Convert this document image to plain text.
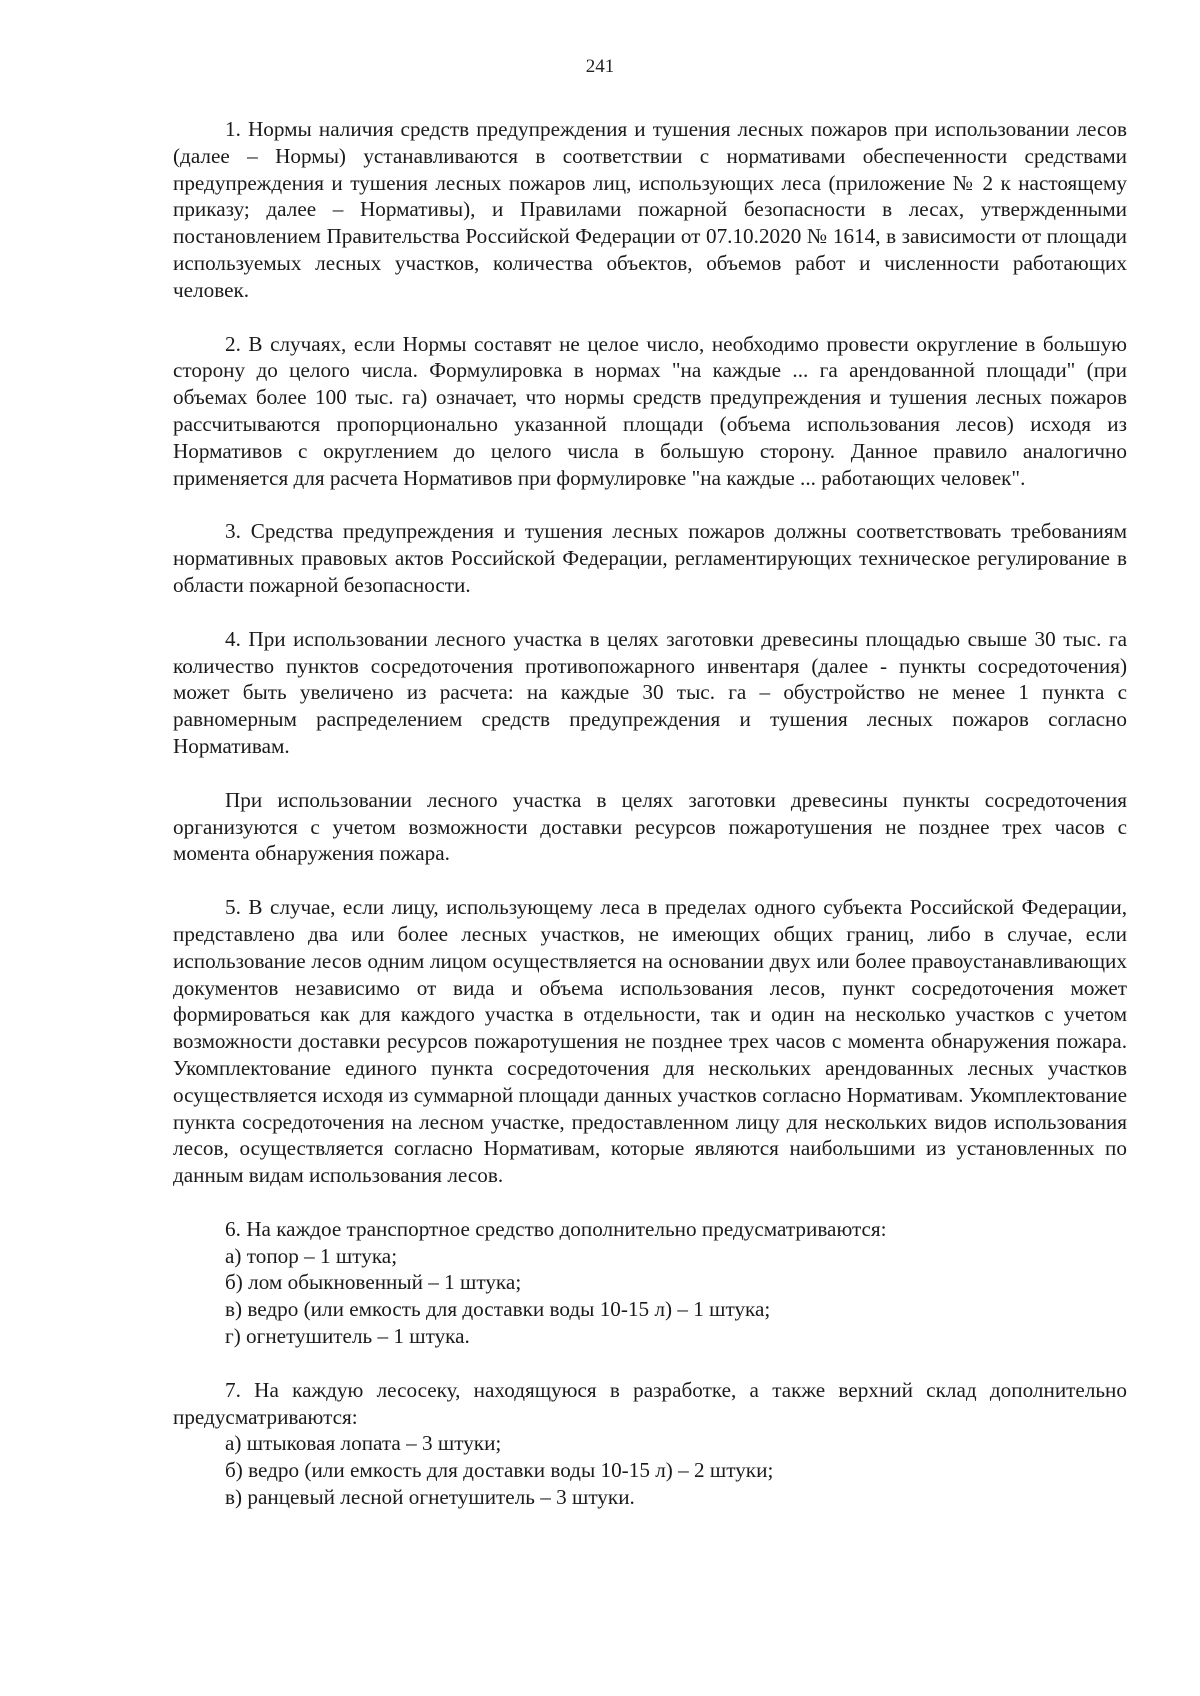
241

1. Нормы наличия средств предупреждения и тушения лесных пожаров при использовании лесов (далее – Нормы) устанавливаются в соответствии с нормативами обеспеченности средствами предупреждения и тушения лесных пожаров лиц, использующих леса (приложение № 2 к настоящему приказу; далее – Нормативы), и Правилами пожарной безопасности в лесах, утвержденными постановлением Правительства Российской Федерации от 07.10.2020 № 1614, в зависимости от площади используемых лесных участков, количества объектов, объемов работ и численности работающих человек.

2. В случаях, если Нормы составят не целое число, необходимо провести округление в большую сторону до целого числа. Формулировка в нормах "на каждые ... га арендованной площади" (при объемах более 100 тыс. га) означает, что нормы средств предупреждения и тушения лесных пожаров рассчитываются пропорционально указанной площади (объема использования лесов) исходя из Нормативов с округлением до целого числа в большую сторону. Данное правило аналогично применяется для расчета Нормативов при формулировке "на каждые ... работающих человек".

3. Средства предупреждения и тушения лесных пожаров должны соответствовать требованиям нормативных правовых актов Российской Федерации, регламентирующих техническое регулирование в области пожарной безопасности.

4. При использовании лесного участка в целях заготовки древесины площадью свыше 30 тыс. га количество пунктов сосредоточения противопожарного инвентаря (далее - пункты сосредоточения) может быть увеличено из расчета: на каждые 30 тыс. га – обустройство не менее 1 пункта с равномерным распределением средств предупреждения и тушения лесных пожаров согласно Нормативам.

При использовании лесного участка в целях заготовки древесины пункты сосредоточения организуются с учетом возможности доставки ресурсов пожаротушения не позднее трех часов с момента обнаружения пожара.

5. В случае, если лицу, использующему леса в пределах одного субъекта Российской Федерации, представлено два или более лесных участков, не имеющих общих границ, либо в случае, если использование лесов одним лицом осуществляется на основании двух или более правоустанавливающих документов независимо от вида и объема использования лесов, пункт сосредоточения может формироваться как для каждого участка в отдельности, так и один на несколько участков с учетом возможности доставки ресурсов пожаротушения не позднее трех часов с момента обнаружения пожара. Укомплектование единого пункта сосредоточения для нескольких арендованных лесных участков осуществляется исходя из суммарной площади данных участков согласно Нормативам. Укомплектование пункта сосредоточения на лесном участке, предоставленном лицу для нескольких видов использования лесов, осуществляется согласно Нормативам, которые являются наибольшими из установленных по данным видам использования лесов.

6. На каждое транспортное средство дополнительно предусматриваются:

а) топор – 1 штука;

б) лом обыкновенный – 1 штука;

в) ведро (или емкость для доставки воды 10-15 л) – 1 штука;

г) огнетушитель – 1 штука.

7. На каждую лесосеку, находящуюся в разработке, а также верхний склад дополнительно предусматриваются:

а) штыковая лопата – 3 штуки;

б) ведро (или емкость для доставки воды 10-15 л) – 2 штуки;

в) ранцевый лесной огнетушитель – 3 штуки.
